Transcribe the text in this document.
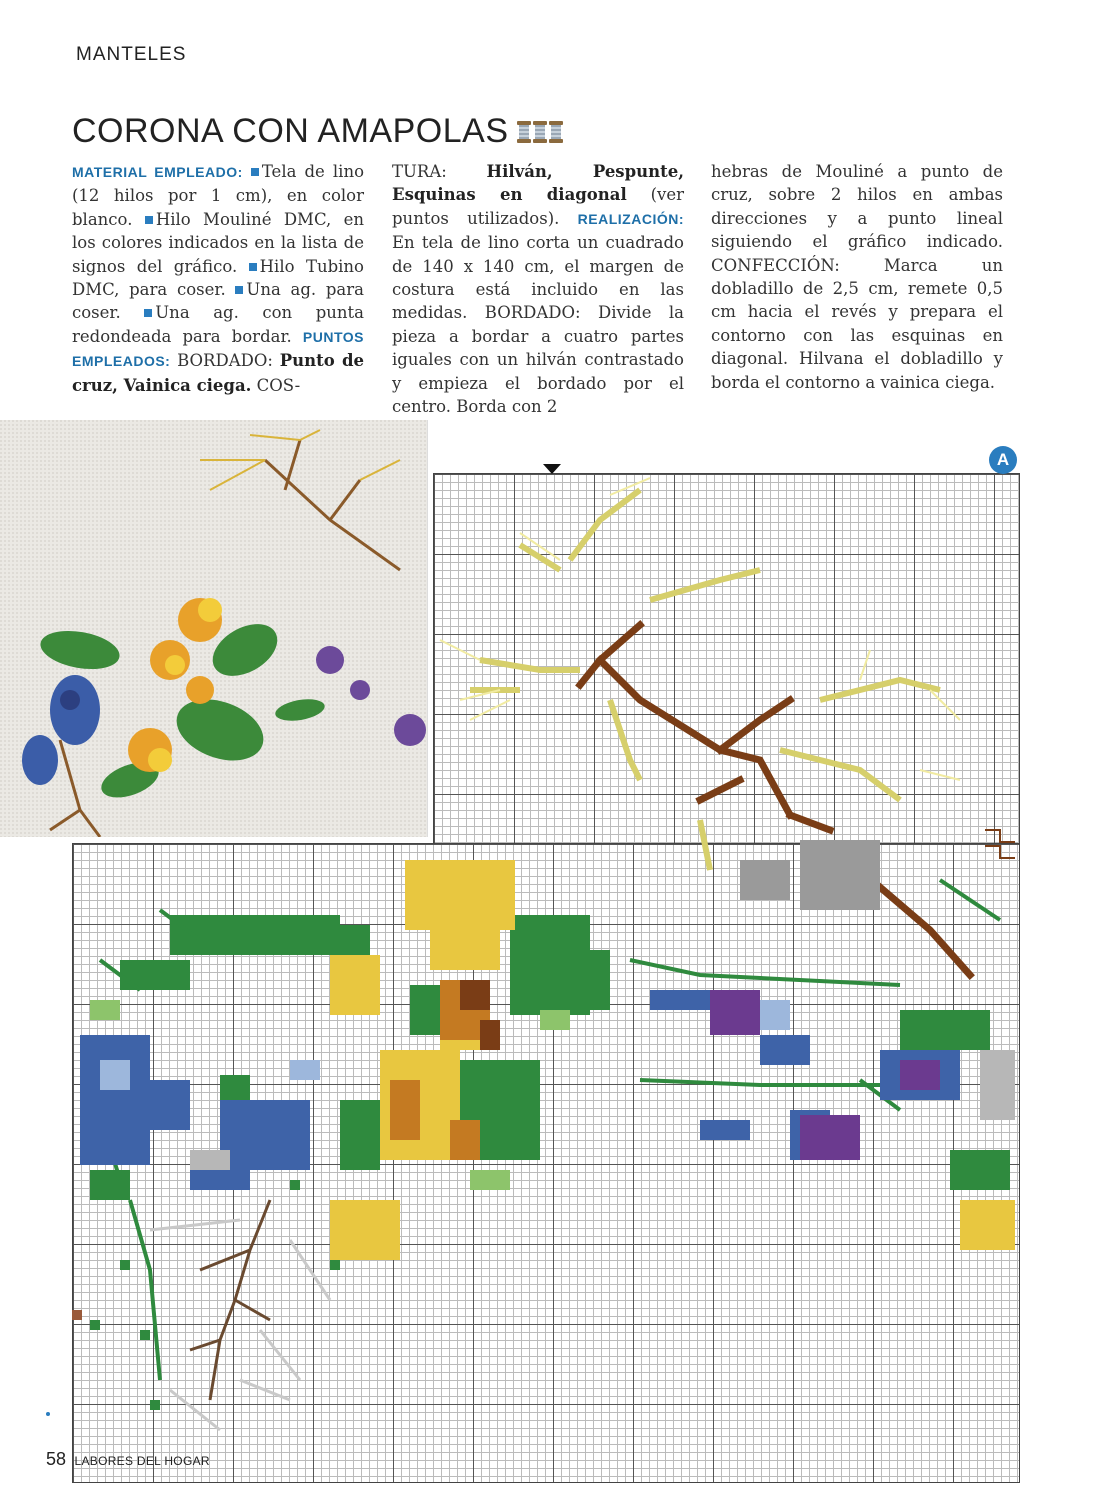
MANTELES
CORONA CON AMAPOLAS
MATERIAL EMPLEADO: Tela de lino (12 hilos por 1 cm), en color blanco. Hilo Mouliné DMC, en los colores indicados en la lista de signos del gráfico. Hilo Tubino DMC, para coser. Una ag. para coser. Una ag. con punta redondeada para bordar. PUNTOS EMPLEADOS: BORDADO: Punto de cruz, Vainica ciega. COS-
TURA: Hilván, Pespunte, Esquinas en diagonal (ver puntos utilizados). REALIZACIÓN: En tela de lino corta un cuadrado de 140 x 140 cm, el margen de costura está incluido en las medidas. BORDADO: Divide la pieza a bordar a cuatro partes iguales con un hilván contrastado y empieza el bordado por el centro. Borda con 2
hebras de Mouliné a punto de cruz, sobre 2 hilos en ambas direcciones y a punto lineal siguiendo el gráfico indicado. CONFECCIÓN: Marca un dobladillo de 2,5 cm, remete 0,5 cm hacia el revés y prepara el contorno con las esquinas en diagonal. Hilvana el dobladillo y borda el contorno a vainica ciega.
A
58 LABORES DEL HOGAR
